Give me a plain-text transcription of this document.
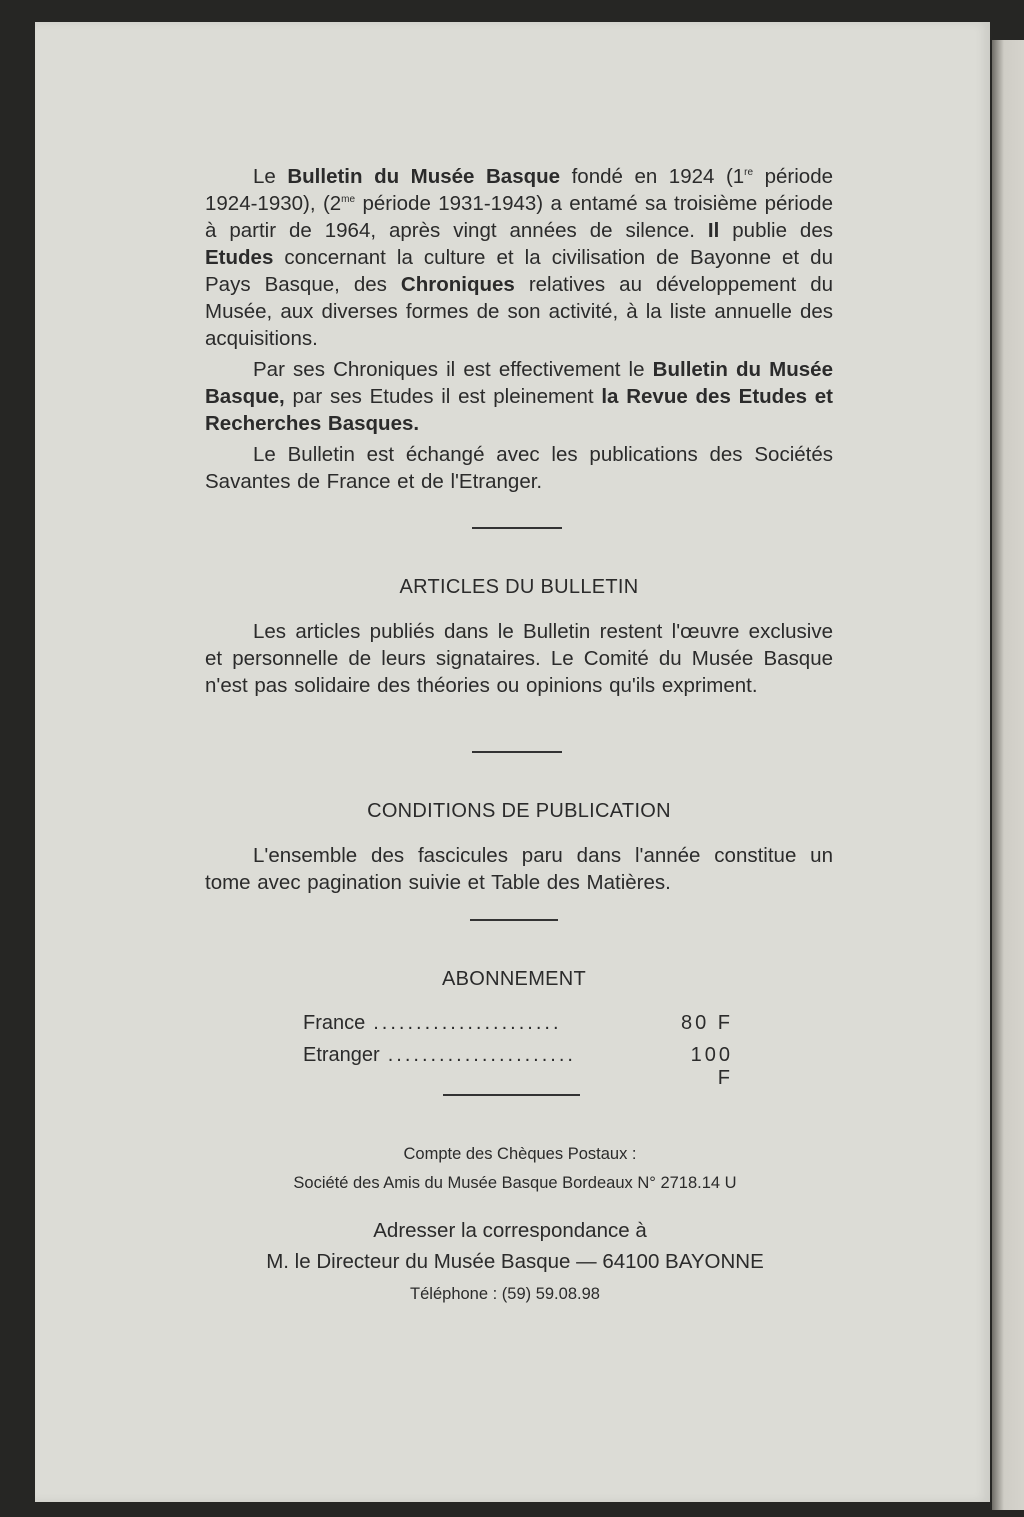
Le Bulletin du Musée Basque fondé en 1924 (1re période 1924-1930), ($2^{me}$ période 1931-1943) a entamé sa troisième période à partir de 1964, après vingt années de silence. Il publie des Etudes concernant la culture et la civilisation de Bayonne et du Pays Basque, des Chroniques relatives au développement du Musée, aux diverses formes de son activité, à la liste annuelle des acquisitions.
Par ses Chroniques il est effectivement le Bulletin du Musée Basque, par ses Etudes il est pleinement la Revue des Etudes et Recherches Basques.
Le Bulletin est échangé avec les publications des Sociétés Savantes de France et de l'Etranger.
ARTICLES DU BULLETIN
Les articles publiés dans le Bulletin restent l'œuvre exclusive et personnelle de leurs signataires. Le Comité du Musée Basque n'est pas solidaire des théories ou opinions qu'ils expriment.
CONDITIONS DE PUBLICATION
L'ensemble des fascicules paru dans l'année constitue un tome avec pagination suivie et Table des Matières.
ABONNEMENT
France ......................	80 F
Etranger ......................	100 F
Compte des Chèques Postaux :
Société des Amis du Musée Basque Bordeaux N° 2718.14 U
Adresser la correspondance à
M. le Directeur du Musée Basque — 64100 BAYONNE
Téléphone : (59) 59.08.98
